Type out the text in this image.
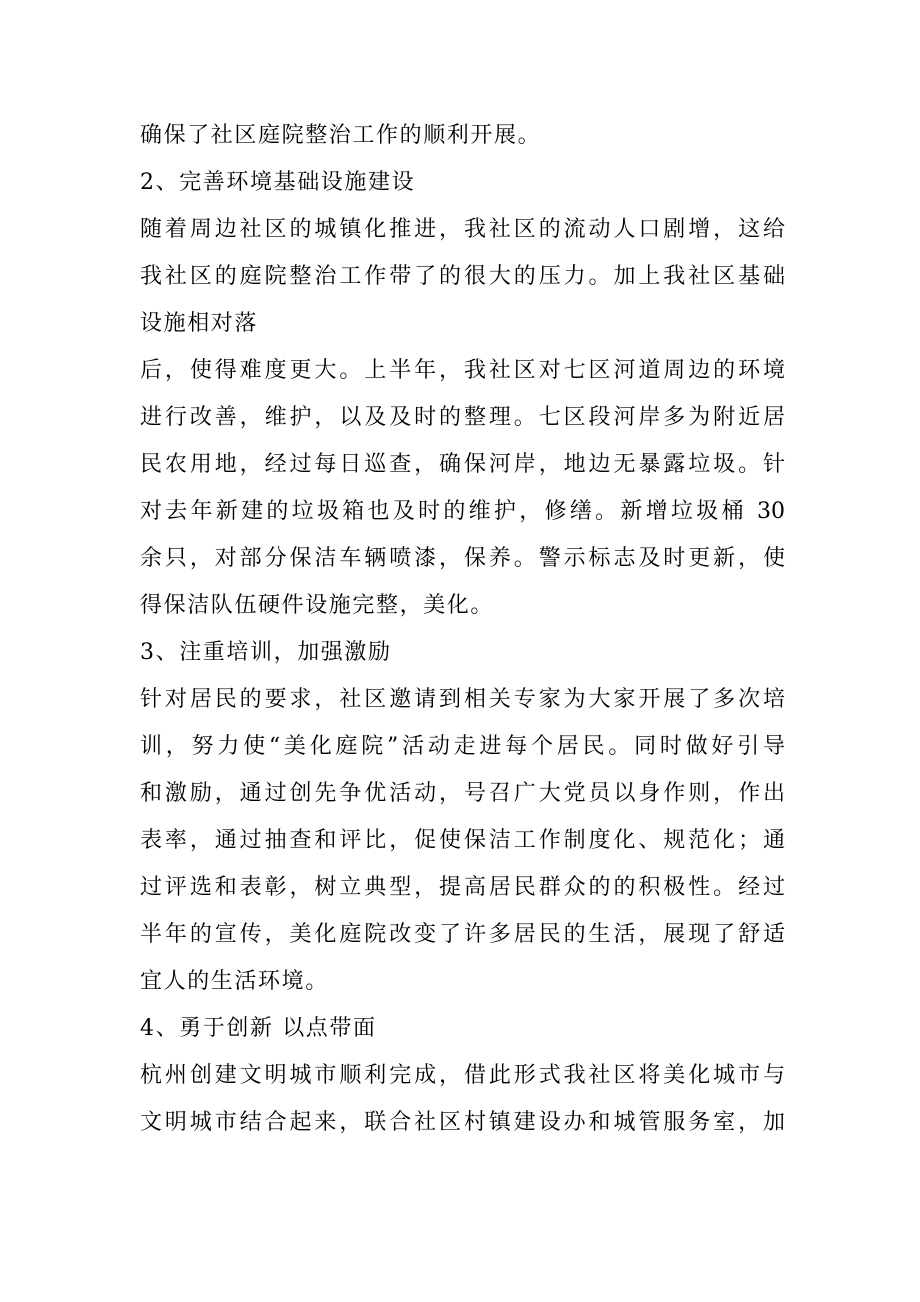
确保了社区庭院整治工作的顺利开展。
2、完善环境基础设施建设
随着周边社区的城镇化推进，我社区的流动人口剧增，这给
我社区的庭院整治工作带了的很大的压力。加上我社区基础
设施相对落
后，使得难度更大。上半年，我社区对七区河道周边的环境
进行改善，维护，以及及时的整理。七区段河岸多为附近居
民农用地，经过每日巡查，确保河岸，地边无暴露垃圾。针
对去年新建的垃圾箱也及时的维护，修缮。新增垃圾桶 30
余只，对部分保洁车辆喷漆，保养。警示标志及时更新，使
得保洁队伍硬件设施完整，美化。
3、注重培训，加强激励
针对居民的要求，社区邀请到相关专家为大家开展了多次培
训，努力使“美化庭院”活动走进每个居民。同时做好引导
和激励，通过创先争优活动，号召广大党员以身作则，作出
表率，通过抽查和评比，促使保洁工作制度化、规范化；通
过评选和表彰，树立典型，提高居民群众的的积极性。经过
半年的宣传，美化庭院改变了许多居民的生活，展现了舒适
宜人的生活环境。
4、勇于创新 以点带面
杭州创建文明城市顺利完成，借此形式我社区将美化城市与
文明城市结合起来，联合社区村镇建设办和城管服务室，加
